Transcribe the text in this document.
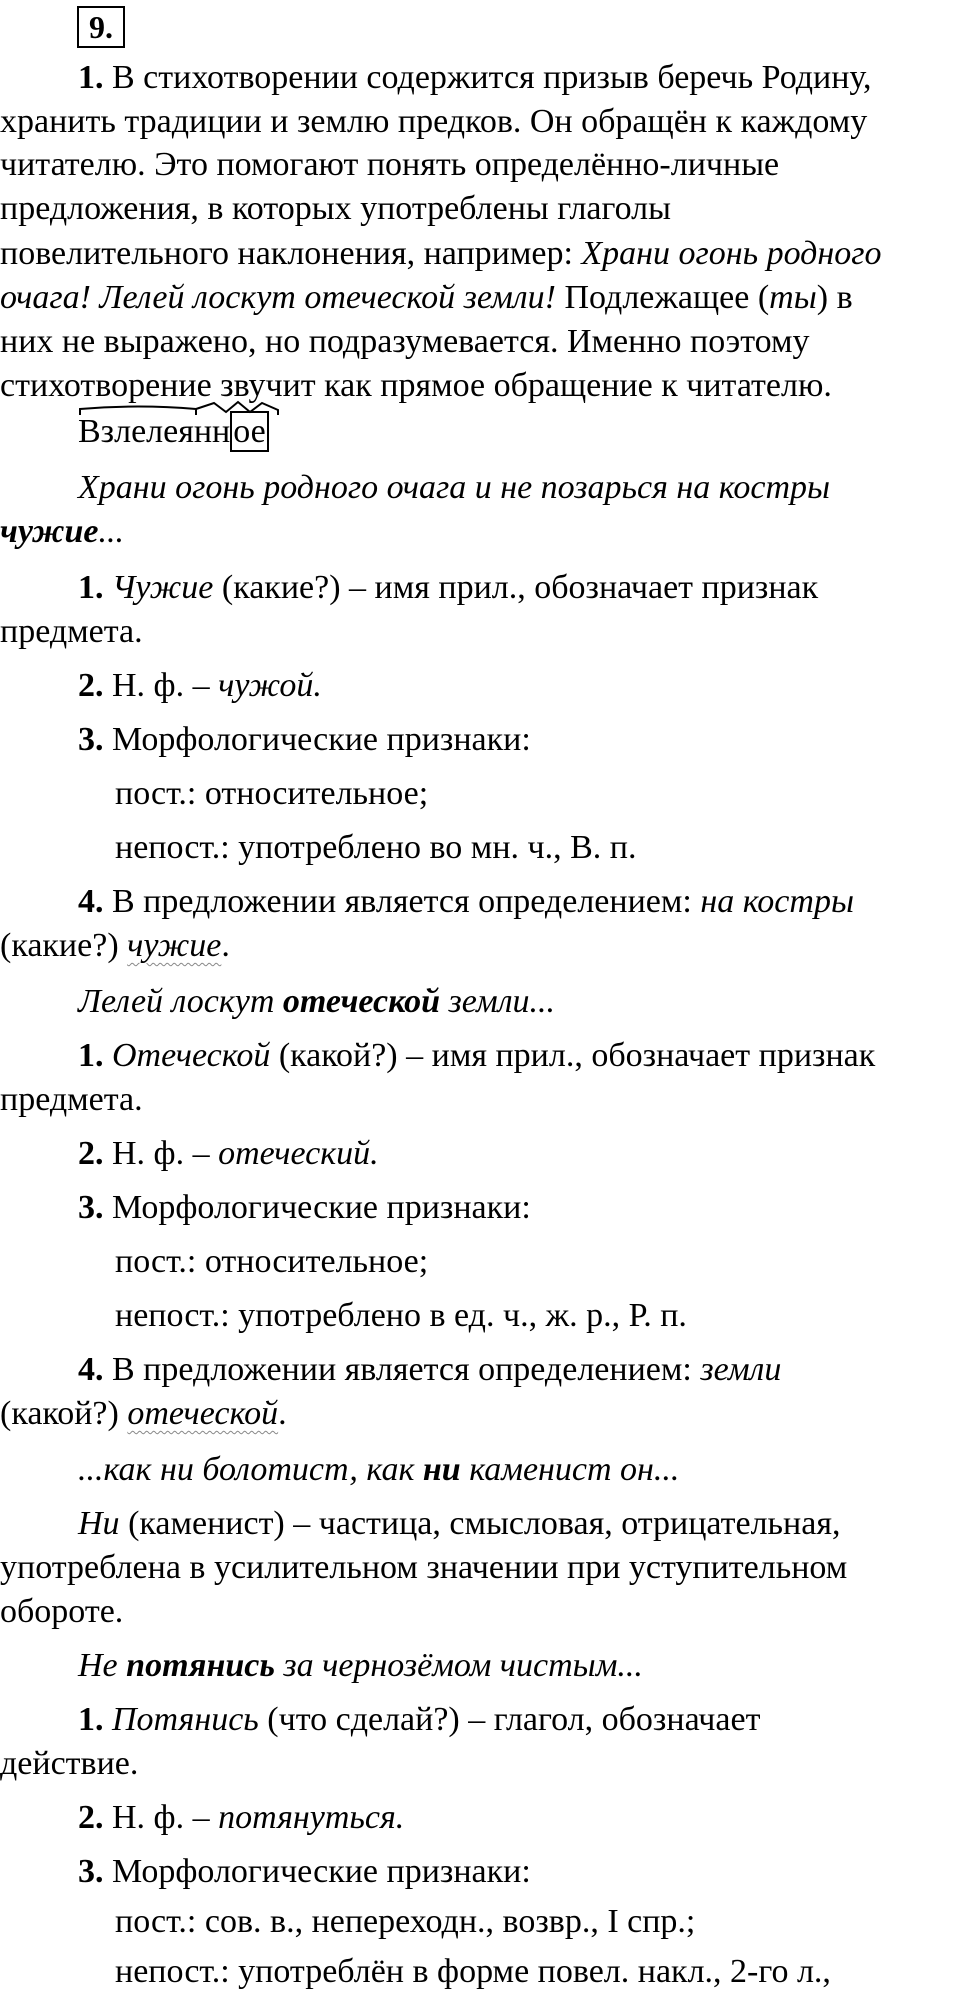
9.

1. В стихотворении содержится призыв беречь Родину,

хранить традиции и землю предков. Он обращён к каждому

читателю. Это помогают понять определённо-личные

предложения, в которых употреблены глаголы

повелительного наклонения, например: Храни огонь родного

очага! Лелей лоскут отеческой земли! Подлежащее (ты) в

них не выражено, но подразумевается. Именно поэтому

стихотворение звучит как прямое обращение к читателю.

Взлелеянное

Храни огонь родного очага и не позарься на костры

чужие...

1. Чужие (какие?) – имя прил., обозначает признак

предмета.

2. Н. ф. – чужой.

3. Морфологические признаки:

пост.: относительное;

непост.: употреблено во мн. ч., В. п.

4. В предложении является определением: на костры

(какие?) чужие.

Лелей лоскут отеческой земли...

1. Отеческой (какой?) – имя прил., обозначает признак

предмета.

2. Н. ф. – отеческий.

3. Морфологические признаки:

пост.: относительное;

непост.: употреблено в ед. ч., ж. р., Р. п.

4. В предложении является определением: земли

(какой?) отеческой.

...как ни болотист, как ни каменист он...

Ни (каменист) – частица, смысловая, отрицательная,

употреблена в усилительном значении при уступительном

обороте.

Не потянись за чернозёмом чистым...

1. Потянись (что сделай?) – глагол, обозначает

действие.

2. Н. ф. – потянуться.

3. Морфологические признаки:

пост.: сов. в., непереходн., возвр., I спр.;

непост.: употреблён в форме повел. накл., 2-го л.,
